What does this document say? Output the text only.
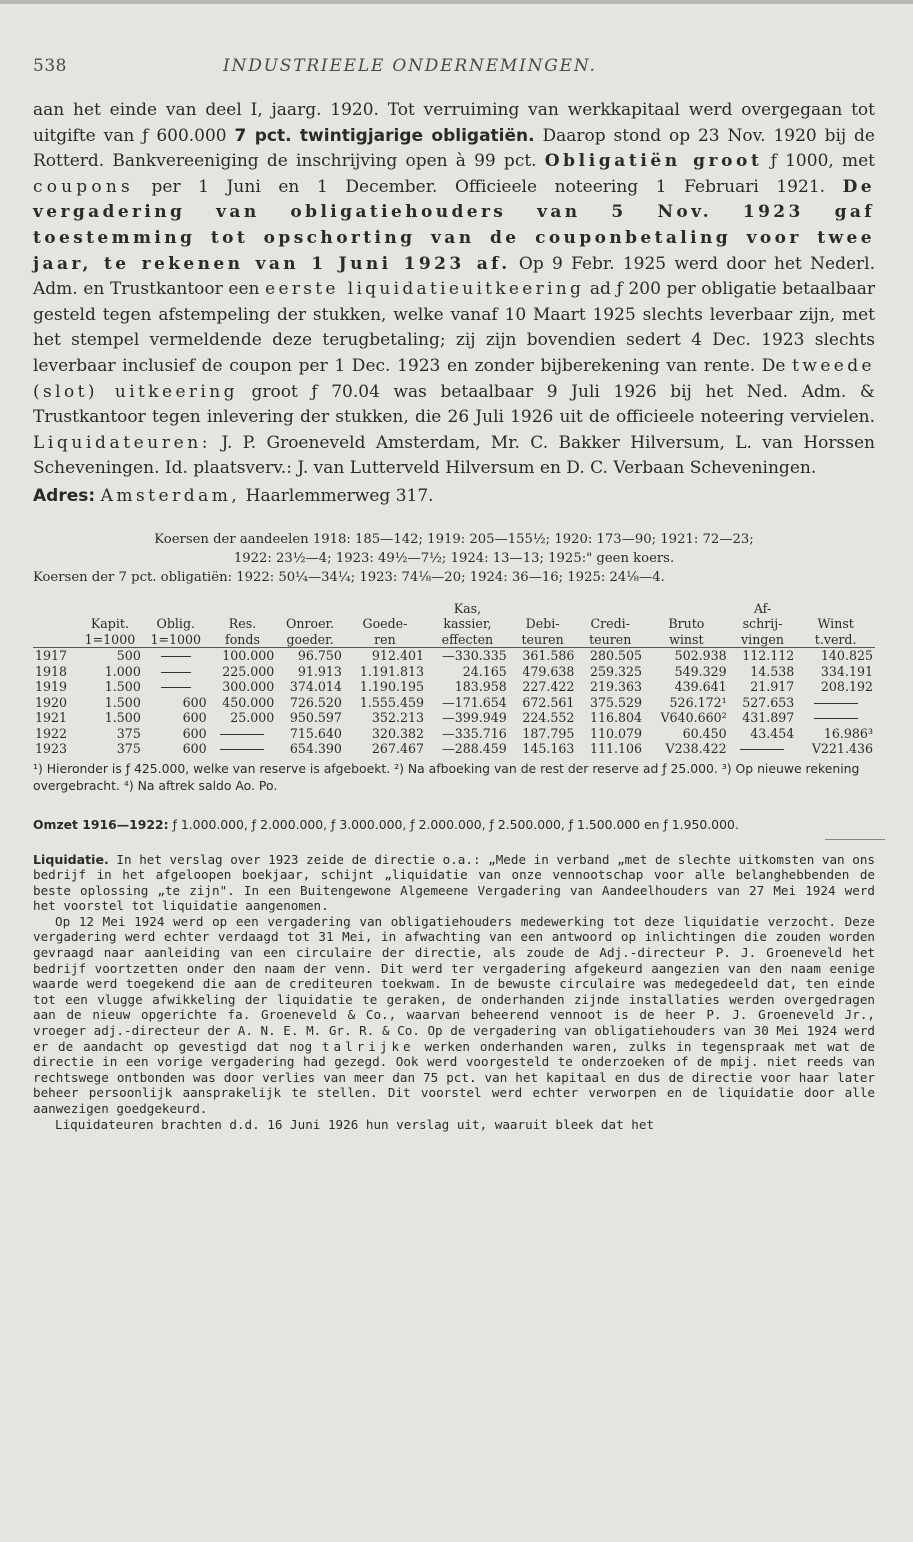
538	INDUSTRIEELE ONDERNEMINGEN.

aan het einde van deel I, jaarg. 1920. Tot verruiming van werkkapitaal werd overgegaan tot uitgifte van ƒ 600.000 7 pct. twintigjarige obligatiën. Daarop stond op 23 Nov. 1920 bij de Rotterd. Bankvereeniging de inschrijving open à 99 pct. Obligatiën groot ƒ 1000, met coupons per 1 Juni en 1 December. Officieele noteering 1 Februari 1921. De vergadering van obligatiehouders van 5 Nov. 1923 gaf toestemming tot opschorting van de couponbetaling voor twee jaar, te rekenen van 1 Juni 1923 af. Op 9 Febr. 1925 werd door het Nederl. Adm. en Trustkantoor een eerste liquidatieuitkeering ad ƒ 200 per obligatie betaalbaar gesteld tegen afstempeling der stukken, welke vanaf 10 Maart 1925 slechts leverbaar zijn, met het stempel vermeldende deze terugbetaling; zij zijn bovendien sedert 4 Dec. 1923 slechts leverbaar inclusief de coupon per 1 Dec. 1923 en zonder bijberekening van rente. De tweede (slot) uitkeering groot ƒ 70.04 was betaalbaar 9 Juli 1926 bij het Ned. Adm. & Trustkantoor tegen inlevering der stukken, die 26 Juli 1926 uit de officieele noteering vervielen. Liquidateuren: J. P. Groeneveld Amsterdam, Mr. C. Bakker Hilversum, L. van Horssen Scheveningen. Id. plaatsverv.: J. van Lutterveld Hilversum en D. C. Verbaan Scheveningen.

Adres: Amsterdam, Haarlemmerweg 317.

Koersen der aandeelen 1918: 185—142; 1919: 205—155½; 1920: 173—90; 1921: 72—23;
1922: 23½—4; 1923: 49½—7½; 1924: 13—13; 1925:" geen koers.
Koersen der 7 pct. obligatiën: 1922: 50¼—34¼; 1923: 74⅛—20; 1924: 36—16; 1925: 24⅛—4.
						Kas,				Af-	
	Kapit.	Oblig.	Res.	Onroer.	Goede-	kassier,	Debi-	Credi-	Bruto	schrij-	Winst
	1=1000	1=1000	fonds	goeder.	ren	effecten	teuren	teuren	winst	vingen	t.verd.
1917	500		100.000	96.750	912.401	—330.335	361.586	280.505	502.938	112.112	140.825
1918	1.000		225.000	91.913	1.191.813	24.165	479.638	259.325	549.329	14.538	334.191
1919	1.500		300.000	374.014	1.190.195	183.958	227.422	219.363	439.641	21.917	208.192
1920	1.500	600	450.000	726.520	1.555.459	—171.654	672.561	375.529	526.172¹	527.653	
1921	1.500	600	25.000	950.597	352.213	—399.949	224.552	116.804	V640.660²	431.897	
1922	375	600		715.640	320.382	—335.716	187.795	110.079	60.450	43.454	16.986³
1923	375	600		654.390	267.467	—288.459	145.163	111.106	V238.422		V221.436
¹) Hieronder is ƒ 425.000, welke van reserve is afgeboekt. ²) Na afboeking van de rest der reserve ad ƒ 25.000. ³) Op nieuwe rekening overgebracht. ⁴) Na aftrek saldo Ao. Po.
Omzet 1916—1922: ƒ 1.000.000, ƒ 2.000.000, ƒ 3.000.000, ƒ 2.000.000, ƒ 2.500.000, ƒ 1.500.000 en ƒ 1.950.000.

Liquidatie. In het verslag over 1923 zeide de directie o.a.: „Mede in verband „met de slechte uitkomsten van ons bedrijf in het afgeloopen boekjaar, schijnt „liquidatie van onze vennootschap voor alle belanghebbenden de beste oplossing „te zijn". In een Buitengewone Algemeene Vergadering van Aandeelhouders van 27 Mei 1924 werd het voorstel tot liquidatie aangenomen.

Op 12 Mei 1924 werd op een vergadering van obligatiehouders medewerking tot deze liquidatie verzocht. Deze vergadering werd echter verdaagd tot 31 Mei, in afwachting van een antwoord op inlichtingen die zouden worden gevraagd naar aanleiding van een circulaire der directie, als zoude de Adj.-directeur P. J. Groeneveld het bedrijf voortzetten onder den naam der venn. Dit werd ter vergadering afgekeurd aangezien van den naam eenige waarde werd toegekend die aan de crediteuren toekwam. In de bewuste circulaire was medegedeeld dat, ten einde tot een vlugge afwikkeling der liquidatie te geraken, de onderhanden zijnde installaties werden overgedragen aan de nieuw opgerichte fa. Groeneveld & Co., waarvan beheerend vennoot is de heer P. J. Groeneveld Jr., vroeger adj.-directeur der A. N. E. M. Gr. R. & Co. Op de vergadering van obligatiehouders van 30 Mei 1924 werd er de aandacht op gevestigd dat nog talrijke werken onderhanden waren, zulks in tegenspraak met wat de directie in een vorige vergadering had gezegd. Ook werd voorgesteld te onderzoeken of de mpij. niet reeds van rechtswege ontbonden was door verlies van meer dan 75 pct. van het kapitaal en dus de directie voor haar later beheer persoonlijk aansprakelijk te stellen. Dit voorstel werd echter verworpen en de liquidatie door alle aanwezigen goedgekeurd.

Liquidateuren brachten d.d. 16 Juni 1926 hun verslag uit, waaruit bleek dat het
